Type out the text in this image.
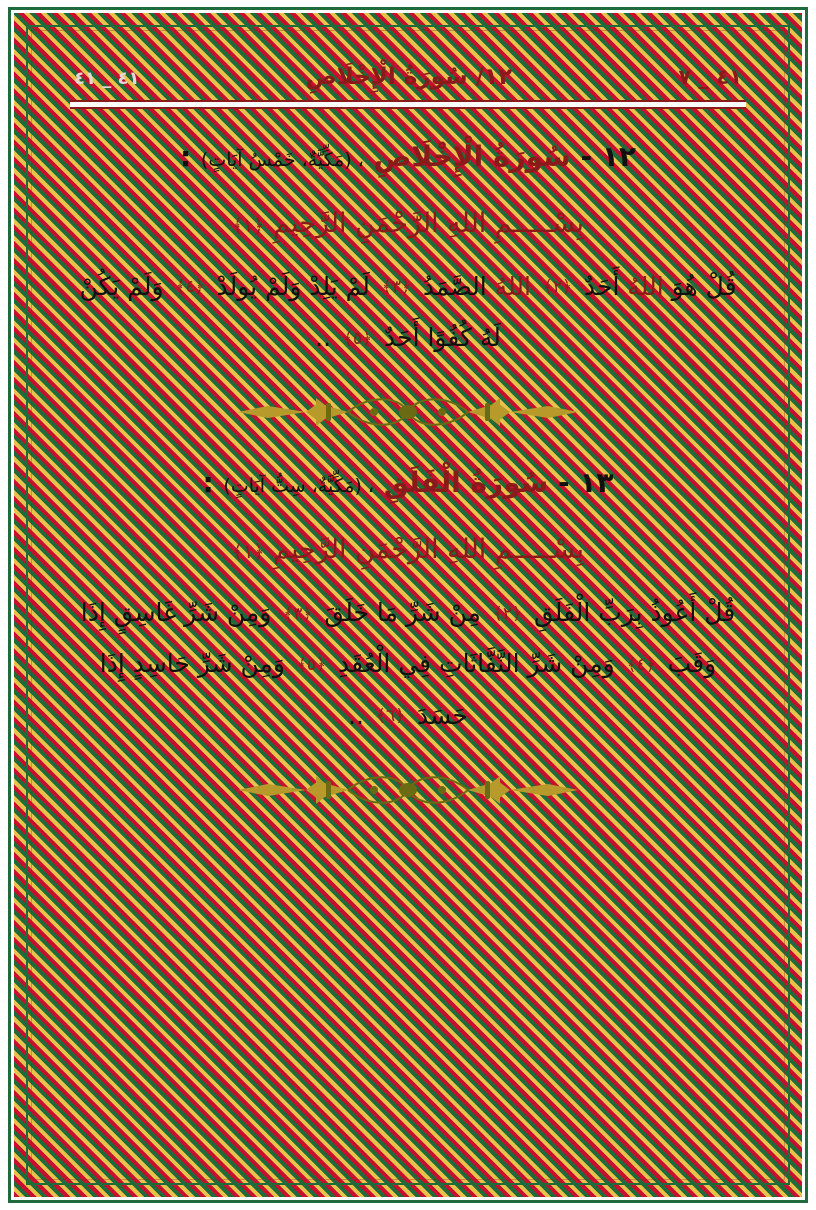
٤١ _ ٧
١٢/ سُورَةُ الْإِخْلَاصِ
٤١ _ ٤١
١٢ - سُورَةُ الْإِخْلَاصِ ، (مَكِّيَّةٌ، خَمْسُ آيَاتٍ) :
بِسْـــــمِ اللهِ الرَّحْمَنِ الرَّحِيمِ ﴿١﴾
قُلْ هُوَ اللهُ أَحَدٌ ﴿٢﴾ اللهُ الصَّمَدُ ﴿٣﴾ لَمْ يَلِدْ وَلَمْ يُولَدْ ﴿٤﴾ وَلَمْ يَكُنْ لَهُ كُفُوًا أَحَدٌ ﴿٥﴾ ..
١٣ - سُورَةُ الْفَلَقِ ، (مَكِّيَّةٌ، سِتُّ آيَاتٍ) :
بِسْـــــمِ اللهِ الرَّحْمَنِ الرَّحِيمِ ﴿١﴾
قُلْ أَعُوذُ بِرَبِّ الْفَلَقِ ﴿٢﴾ مِنْ شَرِّ مَا خَلَقَ ﴿٣﴾ وَمِنْ شَرِّ غَاسِقٍ إِذَا وَقَبَ ﴿٤﴾ وَمِنْ شَرِّ النَّفَّاثَاتِ فِي الْعُقَدِ ﴿٥﴾ وَمِنْ شَرِّ حَاسِدٍ إِذَا حَسَدَ ﴿٦﴾ ..
